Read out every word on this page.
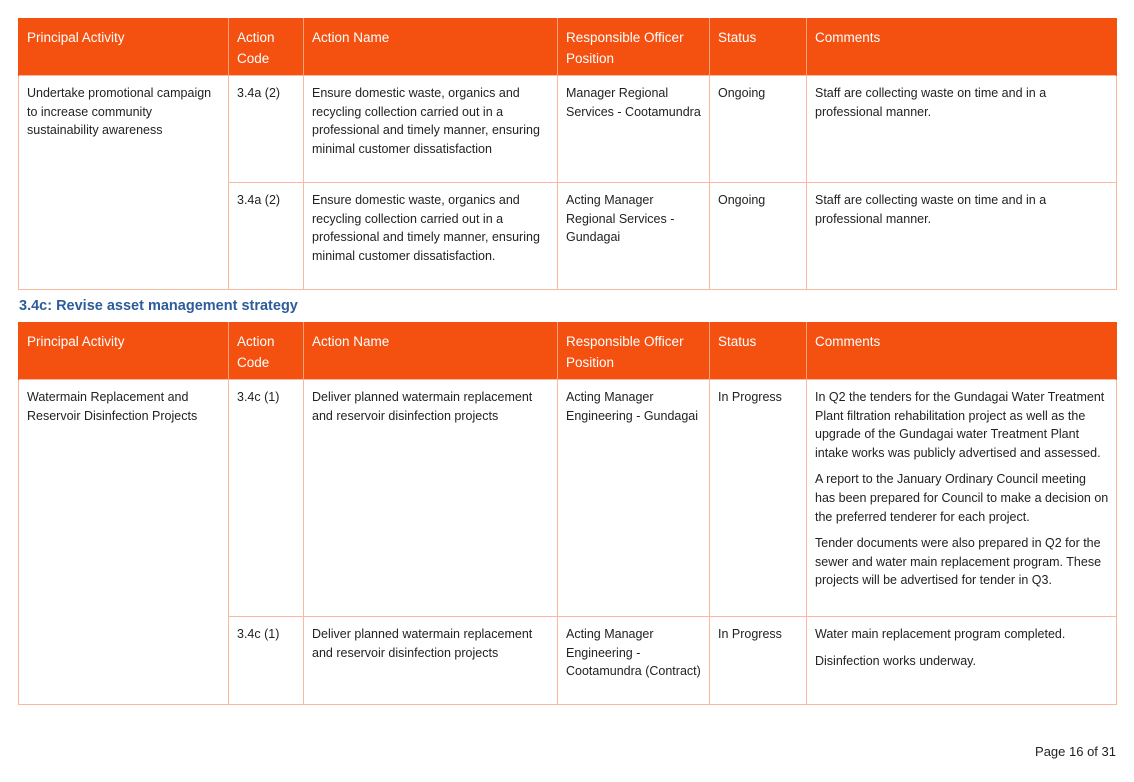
Principal Activity	Action Code	Action Name	Responsible Officer Position	Status	Comments
Undertake promotional campaign to increase community sustainability awareness	3.4a (2)	Ensure domestic waste, organics and recycling collection carried out in a professional and timely manner, ensuring minimal customer dissatisfaction	Manager Regional Services - Cootamundra	Ongoing	Staff are collecting waste on time and in a professional manner.

	3.4a (2)	Ensure domestic waste, organics and recycling collection carried out in a professional and timely manner, ensuring minimal customer dissatisfaction.	Acting Manager Regional Services - Gundagai	Ongoing	Staff are collecting waste on time and in a professional manner.

3.4c: Revise asset management strategy
Principal Activity	Action Code	Action Name	Responsible Officer Position	Status	Comments
Watermain Replacement and Reservoir Disinfection Projects	3.4c (1)	Deliver planned watermain replacement and reservoir disinfection projects	Acting Manager Engineering - Gundagai	In Progress	In Q2 the tenders for the Gundagai Water Treatment Plant filtration rehabilitation project as well as the upgrade of the Gundagai water Treatment Plant intake works was publicly advertised and assessed.

A report to the January Ordinary Council meeting has been prepared for Council to make a decision on the preferred tenderer for each project.

Tender documents were also prepared in Q2 for the sewer and water main replacement program. These projects will be advertised for tender in Q3.

	3.4c (1)	Deliver planned watermain replacement and reservoir disinfection projects	Acting Manager Engineering - Cootamundra (Contract)	In Progress	Water main replacement program completed.

Disinfection works underway.

Page 16 of 31
